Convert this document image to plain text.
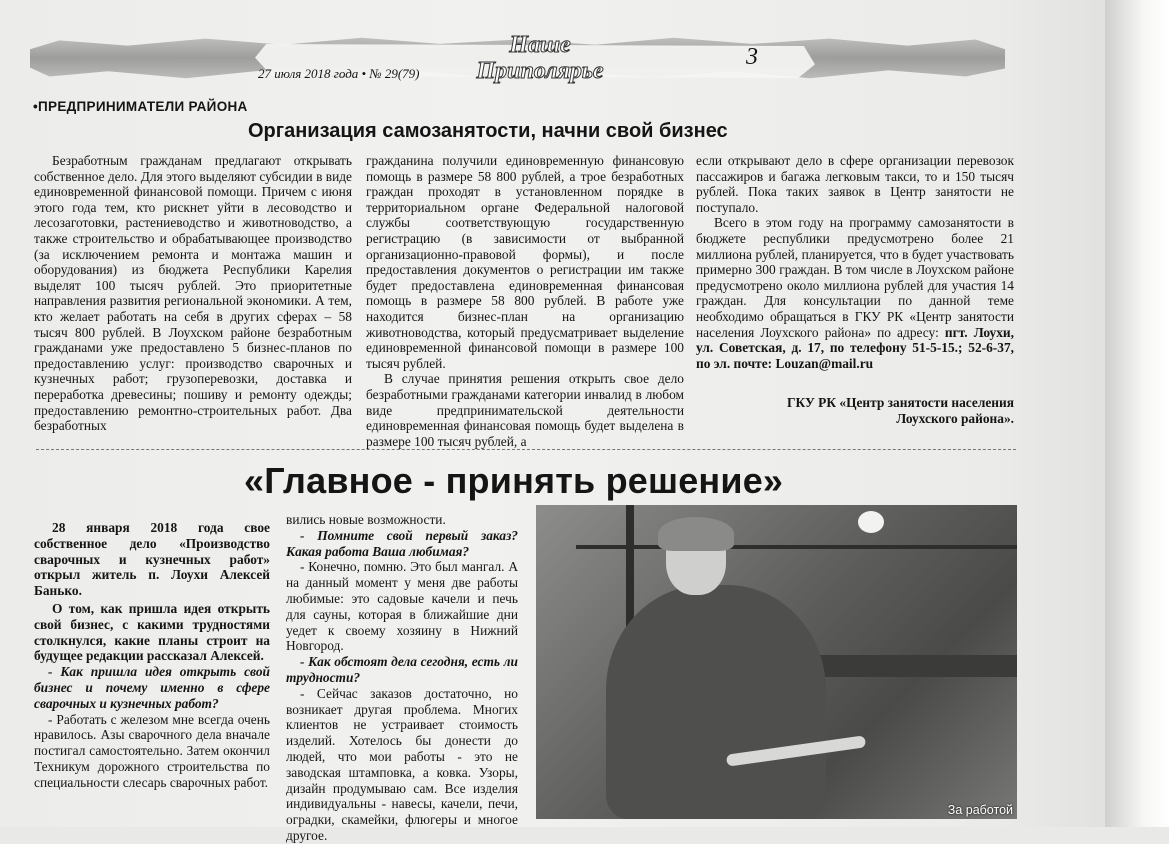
27 июля 2018 года • № 29(79)
Наше
Приполярье
3
•ПРЕДПРИНИМАТЕЛИ РАЙОНА
Организация самозанятости, начни свой бизнес

Безработным гражданам предлагают открывать собственное дело. Для этого выделяют субсидии в виде единовременной финансовой помощи. Причем с июня этого года тем, кто рискнет уйти в лесоводство и лесозаготовки, растениеводство и животноводство, а также строительство и обрабатывающее производство (за исключением ремонта и монтажа машин и оборудования) из бюджета Республики Карелия выделят 100 тысяч рублей. Это приоритетные направления развития региональной экономики. А тем, кто желает работать на себя в других сферах – 58 тысяч 800 рублей. В Лоухском районе безработным гражданами уже предоставлено 5 бизнес-планов по предоставлению услуг: производство сварочных и кузнечных работ; грузоперевозки, доставка и переработка древесины; пошиву и ремонту одежды; предоставлению ремонтно-строительных работ. Два безработных

гражданина получили единовременную финансовую помощь в размере 58 800 рублей, а трое безработных граждан проходят в установленном порядке в территориальном органе Федеральной налоговой службы соответствующую государственную регистрацию (в зависимости от выбранной организационно-правовой формы), и после предоставления документов о регистрации им также будет предоставлена единовременная финансовая помощь в размере 58 800 рублей. В работе уже находится бизнес-план на организацию животноводства, который предусматривает выделение единовременной финансовой помощи в размере 100 тысяч рублей.

В случае принятия решения открыть свое дело безработными гражданами категории инвалид в любом виде предпринимательской деятельности единовременная финансовая помощь будет выделена в размере 100 тысяч рублей, а

если открывают дело в сфере организации перевозок пассажиров и багажа легковым такси, то и 150 тысяч рублей. Пока таких заявок в Центр занятости не поступало.

Всего в этом году на программу самозанятости в бюджете республики предусмотрено более 21 миллиона рублей, планируется, что в будет участвовать примерно 300 граждан. В том числе в Лоухском районе предусмотрено около миллиона рублей для участия 14 граждан. Для консультации по данной теме необходимо обращаться в ГКУ РК «Центр занятости населения Лоухского района» по адресу: пгт. Лоухи, ул. Советская, д. 17, по телефону 51-5-15.; 52-6-37, по эл. почте: Louzan@mail.ru

ГКУ РК «Центр занятости населения Лоухского района».
«Главное - принять решение»

28 января 2018 года свое собственное дело «Производство сварочных и кузнечных работ» открыл житель п. Лоухи Алексей Банько.

О том, как пришла идея открыть свой бизнес, с какими трудностями столкнулся, какие планы строит на будущее редакции рассказал Алексей.

- Как пришла идея открыть свой бизнес и почему именно в сфере сварочных и кузнечных работ?

- Работать с железом мне всегда очень нравилось. Азы сварочного дела вначале постигал самостоятельно. Затем окончил Техникум дорожного строительства по специальности слесарь сварочных работ.

вились новые возможности.

- Помните свой первый заказ? Какая работа Ваша любимая?

- Конечно, помню. Это был мангал. А на данный момент у меня две работы любимые: это садовые качели и печь для сауны, которая в ближайшие дни уедет к своему хозяину в Нижний Новгород.

- Как обстоят дела сегодня, есть ли трудности?

- Сейчас заказов достаточно, но возникает другая проблема. Многих клиентов не устраивает стоимость изделий. Хотелось бы донести до людей, что мои работы - это не заводская штамповка, а ковка. Узоры, дизайн продумываю сам. Все изделия индивидуальны - навесы, качели, печи, оградки, скамейки, флюгеры и многое другое.

За работой
